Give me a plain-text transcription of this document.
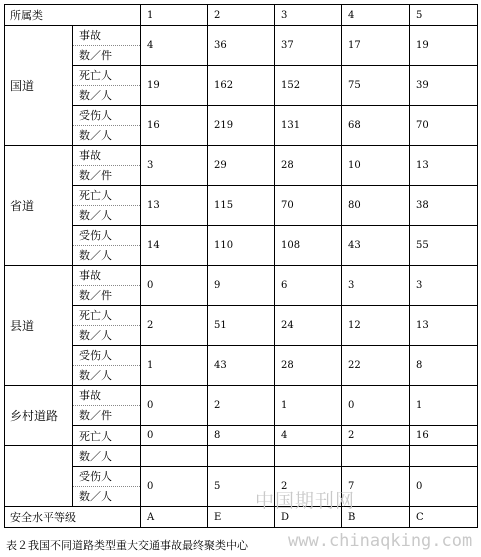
所属类		1	2	3	4	5
国道	事故
数／件	4	36	37	17	19

	死亡人
数／人	19	162	152	75	39

	受伤人
数／人	16	219	131	68	70
省道	事故
数／件	3	29	28	10	13

	死亡人
数／人	13	115	70	80	38

	受伤人
数／人	14	110	108	43	55
县道	事故
数／件	0	9	6	3	3

	死亡人
数／人	2	51	24	12	13

	受伤人
数／人	1	43	28	22	8
乡村道路	事故
数／件	0	2	1	0	1
	死亡人	0	8	4	2	16
	数／人					

	受伤人
数／人	0	5	2	7	0
安全水平等级		A	E	D	B	C
中国期刊网
www.chinaqking.com
表２我国不同道路类型重大交通事故最终聚类中心
